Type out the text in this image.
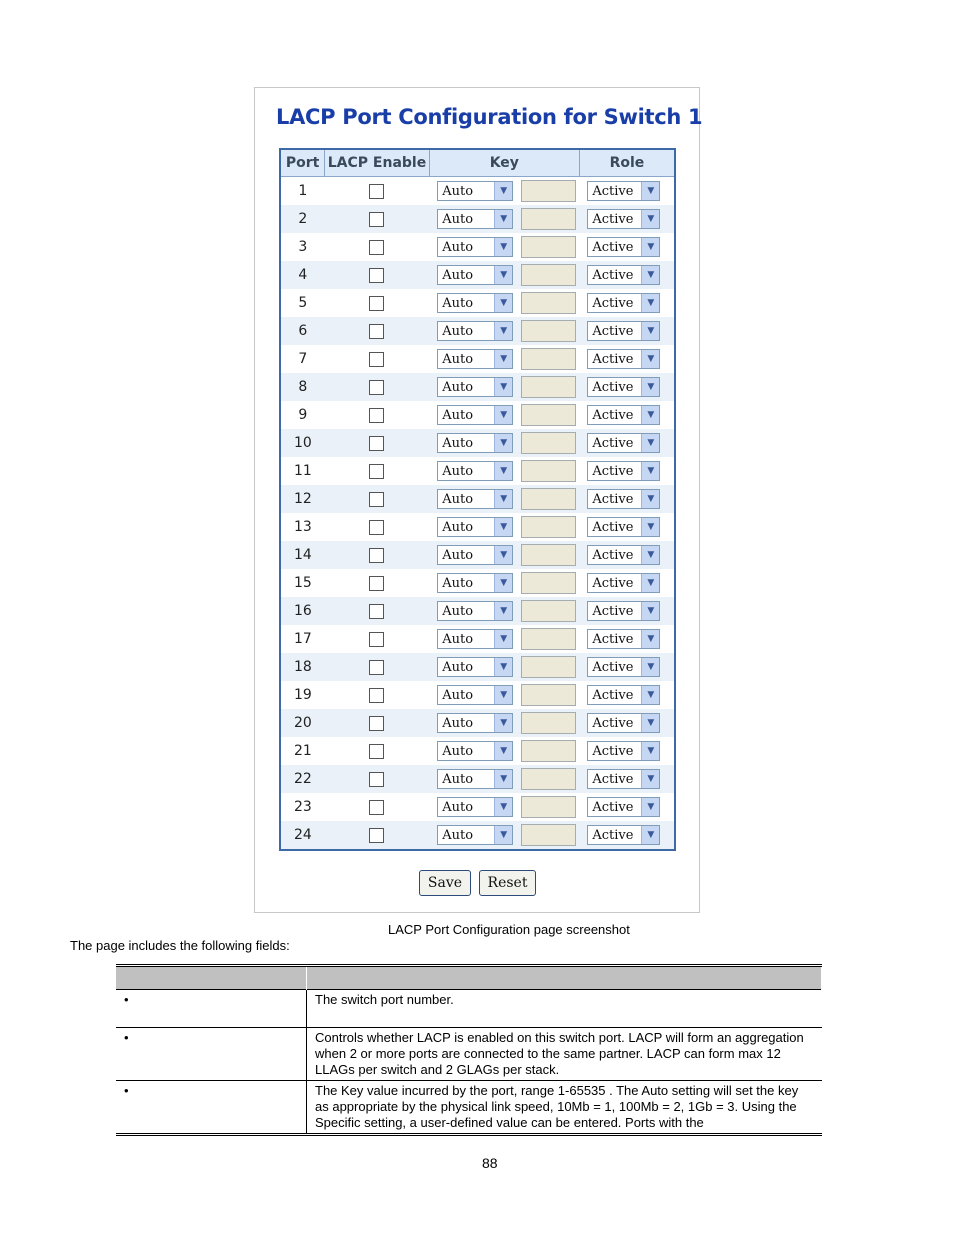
LACP Port Configuration for Switch 1
Port	LACP Enable	Key	Role
1		Auto ▼	Active ▼

2		Auto ▼	Active ▼

3		Auto ▼	Active ▼

4		Auto ▼	Active ▼

5		Auto ▼	Active ▼

6		Auto ▼	Active ▼

7		Auto ▼	Active ▼

8		Auto ▼	Active ▼

9		Auto ▼	Active ▼

10		Auto ▼	Active ▼

11		Auto ▼	Active ▼

12		Auto ▼	Active ▼

13		Auto ▼	Active ▼

14		Auto ▼	Active ▼

15		Auto ▼	Active ▼

16		Auto ▼	Active ▼

17		Auto ▼	Active ▼

18		Auto ▼	Active ▼

19		Auto ▼	Active ▼

20		Auto ▼	Active ▼

21		Auto ▼	Active ▼

22		Auto ▼	Active ▼

23		Auto ▼	Active ▼

24		Auto ▼	Active ▼
Save	Reset
LACP Port Configuration page screenshot
The page includes the following fields:

•	The switch port number.
•	Controls whether LACP is enabled on this switch port. LACP will form an aggregation when 2 or more ports are connected to the same partner. LACP can form max 12 LLAGs per switch and 2 GLAGs per stack.
•	The Key value incurred by the port, range 1-65535 . The Auto setting will set the key as appropriate by the physical link speed, 10Mb = 1, 100Mb = 2, 1Gb = 3. Using the Specific setting, a user-defined value can be entered. Ports with the
88
